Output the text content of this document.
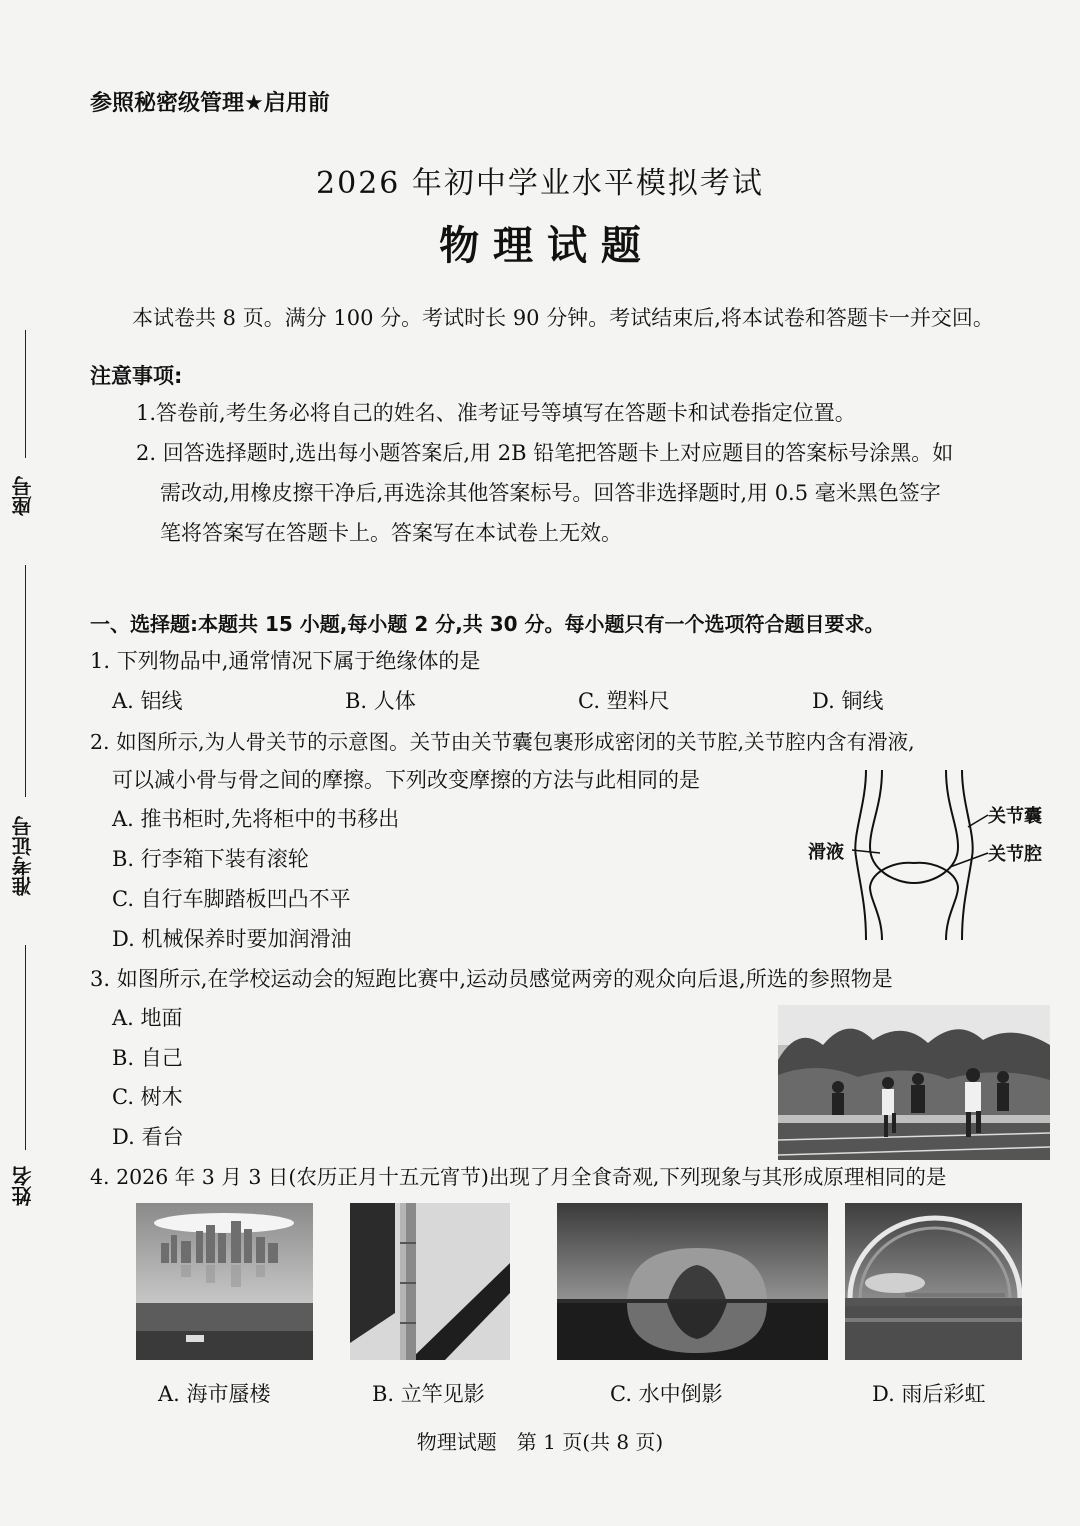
参照秘密级管理★启用前
2026 年初中学业水平模拟考试
物 理 试 题
本试卷共 8 页。满分 100 分。考试时长 90 分钟。考试结束后,将本试卷和答题卡一并交回。
座号
准考证号
姓名
注意事项:
1.答卷前,考生务必将自己的姓名、准考证号等填写在答题卡和试卷指定位置。
2. 回答选择题时,选出每小题答案后,用 2B 铅笔把答题卡上对应题目的答案标号涂黑。如
需改动,用橡皮擦干净后,再选涂其他答案标号。回答非选择题时,用 0.5 毫米黑色签字
笔将答案写在答题卡上。答案写在本试卷上无效。
一、选择题:本题共 15 小题,每小题 2 分,共 30 分。每小题只有一个选项符合题目要求。
1. 下列物品中,通常情况下属于绝缘体的是
A. 铝线	B. 人体	C. 塑料尺	D. 铜线
2. 如图所示,为人骨关节的示意图。关节由关节囊包裹形成密闭的关节腔,关节腔内含有滑液,
可以减小骨与骨之间的摩擦。下列改变摩擦的方法与此相同的是
A. 推书柜时,先将柜中的书移出
B. 行李箱下装有滚轮
C. 自行车脚踏板凹凸不平
D. 机械保养时要加润滑油
关节囊
滑液	关节腔
3. 如图所示,在学校运动会的短跑比赛中,运动员感觉两旁的观众向后退,所选的参照物是
A. 地面
B. 自己
C. 树木
D. 看台
4. 2026 年 3 月 3 日(农历正月十五元宵节)出现了月全食奇观,下列现象与其形成原理相同的是
A. 海市蜃楼	B. 立竿见影	C. 水中倒影	D. 雨后彩虹
物理试题　第 1 页(共 8 页)
